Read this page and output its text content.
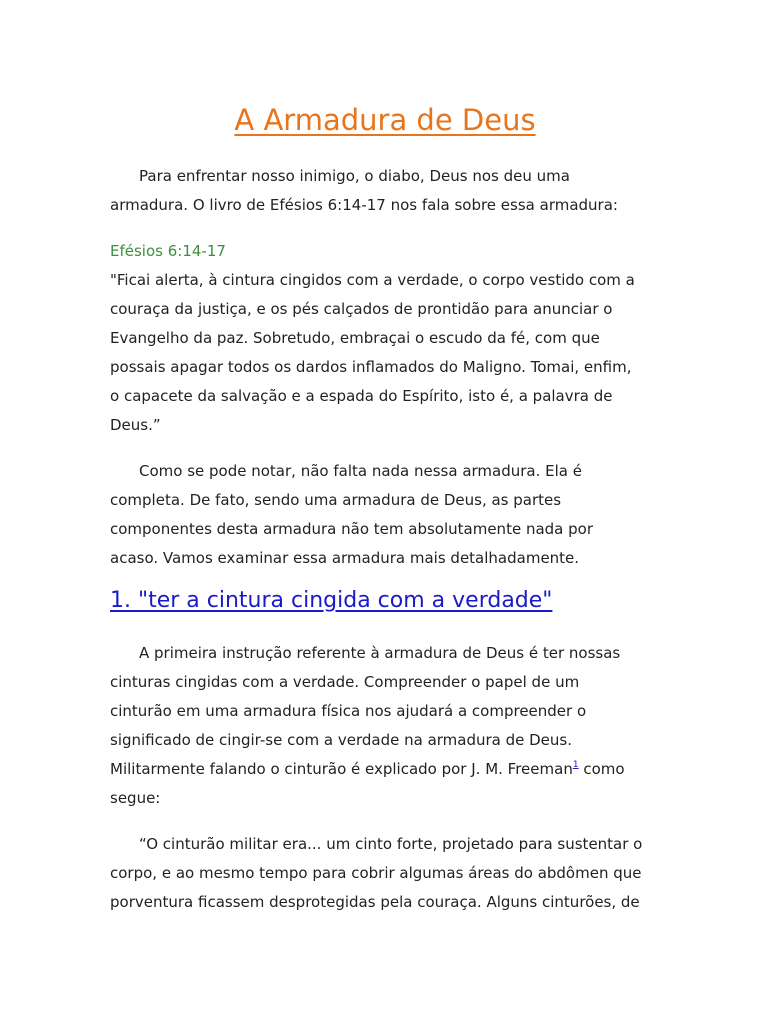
A Armadura de Deus

Para enfrentar nosso inimigo, o diabo, Deus nos deu uma
armadura. O livro de Efésios 6:14-17 nos fala sobre essa armadura:

Efésios 6:14-17

"Ficai alerta, à cintura cingidos com a verdade, o corpo vestido com a
couraça da justiça, e os pés calçados de prontidão para anunciar o
Evangelho da paz. Sobretudo, embraçai o escudo da fé, com que
possais apagar todos os dardos inflamados do Maligno. Tomai, enfim,
o capacete da salvação e a espada do Espírito, isto é, a palavra de
Deus.”

Como se pode notar, não falta nada nessa armadura. Ela é
completa. De fato, sendo uma armadura de Deus, as partes
componentes desta armadura não tem absolutamente nada por
acaso. Vamos examinar essa armadura mais detalhadamente.

1. "ter a cintura cingida com a verdade"

A primeira instrução referente à armadura de Deus é ter nossas
cinturas cingidas com a verdade. Compreender o papel de um
cinturão em uma armadura física nos ajudará a compreender o
significado de cingir-se com a verdade na armadura de Deus.
Militarmente falando o cinturão é explicado por J. M. Freeman$^1$ como
segue:

“O cinturão militar era... um cinto forte, projetado para sustentar o
corpo, e ao mesmo tempo para cobrir algumas áreas do abdômen que
porventura ficassem desprotegidas pela couraça. Alguns cinturões, de
